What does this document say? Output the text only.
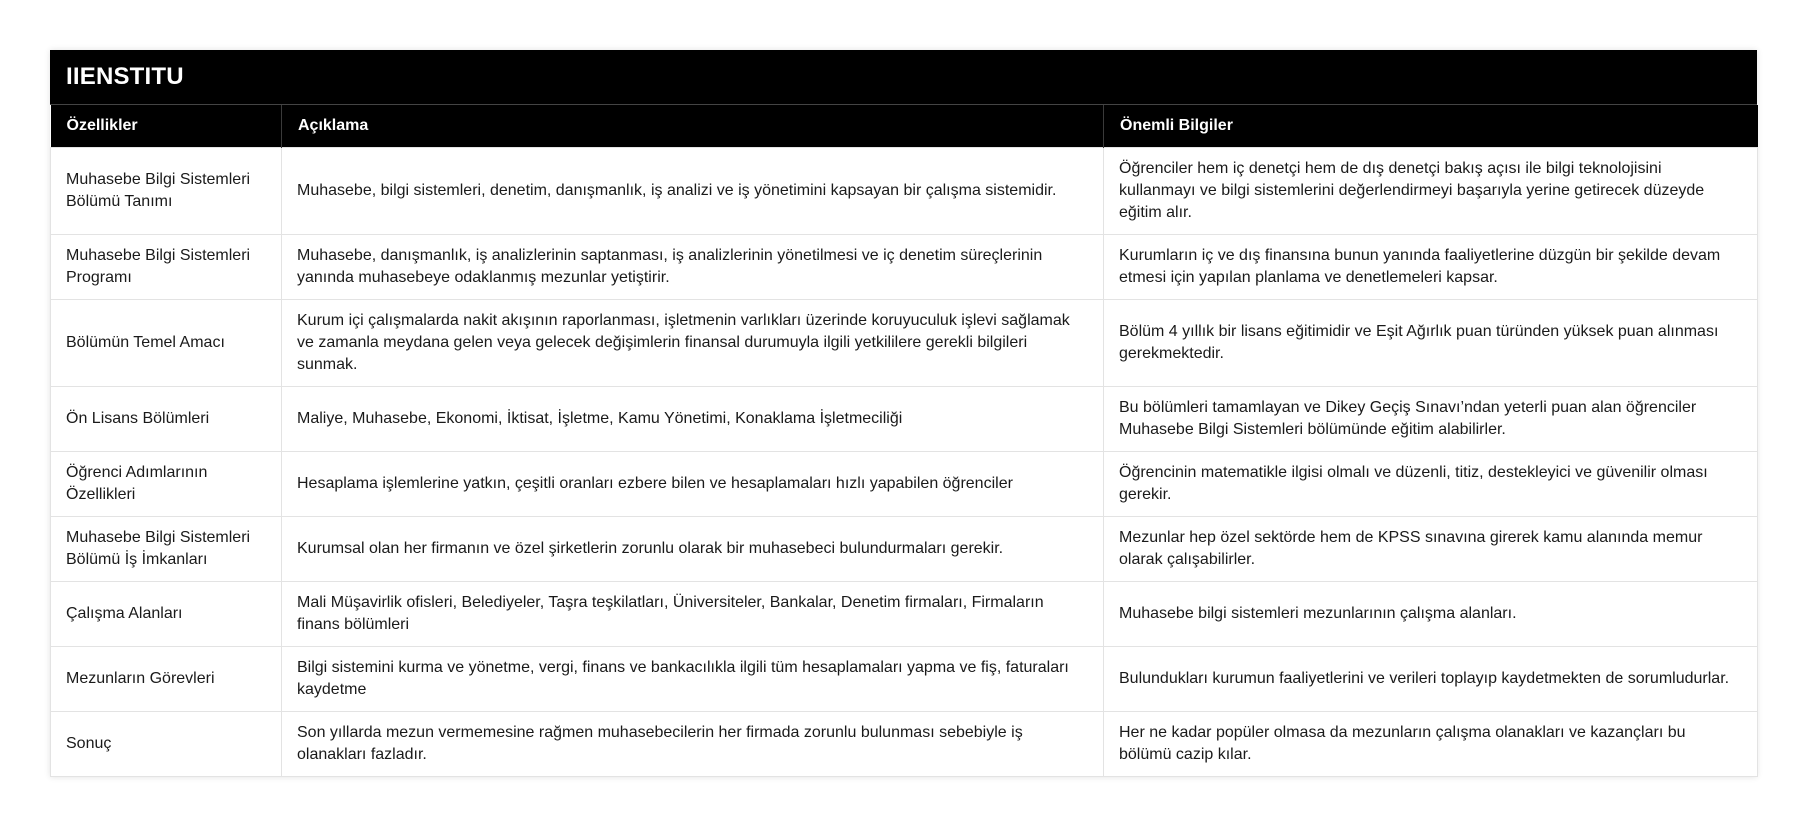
IIENSTITU
Özellikler	Açıklama	Önemli Bilgiler
Muhasebe Bilgi Sistemleri Bölümü Tanımı	Muhasebe, bilgi sistemleri, denetim, danışmanlık, iş analizi ve iş yönetimini kapsayan bir çalışma sistemidir.	Öğrenciler hem iç denetçi hem de dış denetçi bakış açısı ile bilgi teknolojisini kullanmayı ve bilgi sistemlerini değerlendirmeyi başarıyla yerine getirecek düzeyde eğitim alır.
Muhasebe Bilgi Sistemleri Programı	Muhasebe, danışmanlık, iş analizlerinin saptanması, iş analizlerinin yönetilmesi ve iç denetim süreçlerinin yanında muhasebeye odaklanmış mezunlar yetiştirir.	Kurumların iç ve dış finansına bunun yanında faaliyetlerine düzgün bir şekilde devam etmesi için yapılan planlama ve denetlemeleri kapsar.
Bölümün Temel Amacı	Kurum içi çalışmalarda nakit akışının raporlanması, işletmenin varlıkları üzerinde koruyuculuk işlevi sağlamak ve zamanla meydana gelen veya gelecek değişimlerin finansal durumuyla ilgili yetkililere gerekli bilgileri sunmak.	Bölüm 4 yıllık bir lisans eğitimidir ve Eşit Ağırlık puan türünden yüksek puan alınması gerekmektedir.
Ön Lisans Bölümleri	Maliye, Muhasebe, Ekonomi, İktisat, İşletme, Kamu Yönetimi, Konaklama İşletmeciliği	Bu bölümleri tamamlayan ve Dikey Geçiş Sınavı’ndan yeterli puan alan öğrenciler Muhasebe Bilgi Sistemleri bölümünde eğitim alabilirler.
Öğrenci Adımlarının Özellikleri	Hesaplama işlemlerine yatkın, çeşitli oranları ezbere bilen ve hesaplamaları hızlı yapabilen öğrenciler	Öğrencinin matematikle ilgisi olmalı ve düzenli, titiz, destekleyici ve güvenilir olması gerekir.
Muhasebe Bilgi Sistemleri Bölümü İş İmkanları	Kurumsal olan her firmanın ve özel şirketlerin zorunlu olarak bir muhasebeci bulundurmaları gerekir.	Mezunlar hep özel sektörde hem de KPSS sınavına girerek kamu alanında memur olarak çalışabilirler.
Çalışma Alanları	Mali Müşavirlik ofisleri, Belediyeler, Taşra teşkilatları, Üniversiteler, Bankalar, Denetim firmaları, Firmaların finans bölümleri	Muhasebe bilgi sistemleri mezunlarının çalışma alanları.
Mezunların Görevleri	Bilgi sistemini kurma ve yönetme, vergi, finans ve bankacılıkla ilgili tüm hesaplamaları yapma ve fiş, faturaları kaydetme	Bulundukları kurumun faaliyetlerini ve verileri toplayıp kaydetmekten de sorumludurlar.
Sonuç	Son yıllarda mezun vermemesine rağmen muhasebecilerin her firmada zorunlu bulunması sebebiyle iş olanakları fazladır.	Her ne kadar popüler olmasa da mezunların çalışma olanakları ve kazançları bu bölümü cazip kılar.
